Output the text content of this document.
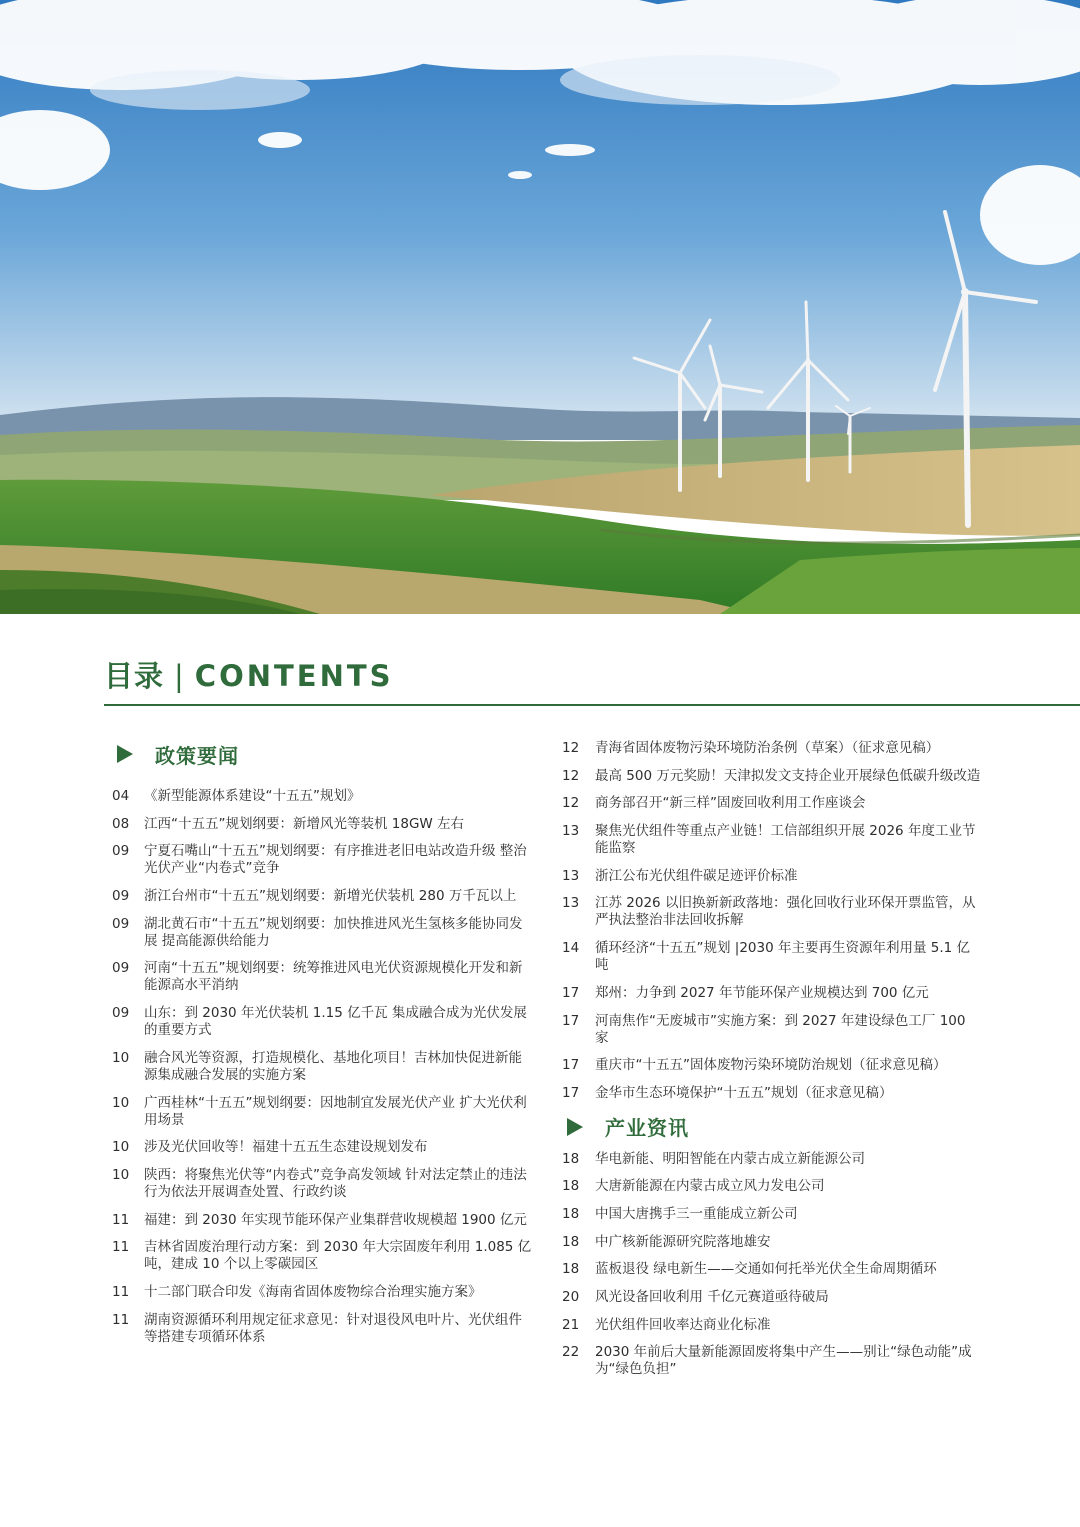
目录 | CONTENTS
政策要闻
04	《新型能源体系建设“十五五”规划》
08	江西“十五五”规划纲要：新增风光等装机 18GW 左右
09	宁夏石嘴山“十五五”规划纲要：有序推进老旧电站改造升级 整治光伏产业“内卷式”竞争
09	浙江台州市“十五五”规划纲要：新增光伏装机 280 万千瓦以上
09	湖北黄石市“十五五”规划纲要：加快推进风光生氢核多能协同发展 提高能源供给能力
09	河南“十五五”规划纲要：统筹推进风电光伏资源规模化开发和新能源高水平消纳
09	山东：到 2030 年光伏装机 1.15 亿千瓦 集成融合成为光伏发展的重要方式
10	融合风光等资源，打造规模化、基地化项目！吉林加快促进新能源集成融合发展的实施方案
10	广西桂林“十五五”规划纲要：因地制宜发展光伏产业 扩大光伏利用场景
10	涉及光伏回收等！福建十五五生态建设规划发布
10	陕西：将聚焦光伏等“内卷式”竞争高发领域 针对法定禁止的违法行为依法开展调查处置、行政约谈
11	福建：到 2030 年实现节能环保产业集群营收规模超 1900 亿元
11	吉林省固废治理行动方案：到 2030 年大宗固废年利用 1.085 亿吨，建成 10 个以上零碳园区
11	十二部门联合印发《海南省固体废物综合治理实施方案》
11	湖南资源循环利用规定征求意见：针对退役风电叶片、光伏组件等搭建专项循环体系
12	青海省固体废物污染环境防治条例（草案）（征求意见稿）
12	最高 500 万元奖励！天津拟发文支持企业开展绿色低碳升级改造
12	商务部召开“新三样”固废回收利用工作座谈会
13	聚焦光伏组件等重点产业链！工信部组织开展 2026 年度工业节能监察
13	浙江公布光伏组件碳足迹评价标准
13	江苏 2026 以旧换新新政落地：强化回收行业环保开票监管，从严执法整治非法回收拆解
14	循环经济“十五五”规划 |2030 年主要再生资源年利用量 5.1 亿吨
17	郑州：力争到 2027 年节能环保产业规模达到 700 亿元
17	河南焦作“无废城市”实施方案：到 2027 年建设绿色工厂 100 家
17	重庆市“十五五”固体废物污染环境防治规划（征求意见稿）
17	金华市生态环境保护“十五五”规划（征求意见稿）
产业资讯
18	华电新能、明阳智能在内蒙古成立新能源公司
18	大唐新能源在内蒙古成立风力发电公司
18	中国大唐携手三一重能成立新公司
18	中广核新能源研究院落地雄安
18	蓝板退役 绿电新生——交通如何托举光伏全生命周期循环
20	风光设备回收利用 千亿元赛道亟待破局
21	光伏组件回收率达商业化标准
22	2030 年前后大量新能源固废将集中产生——别让“绿色动能”成为“绿色负担”
